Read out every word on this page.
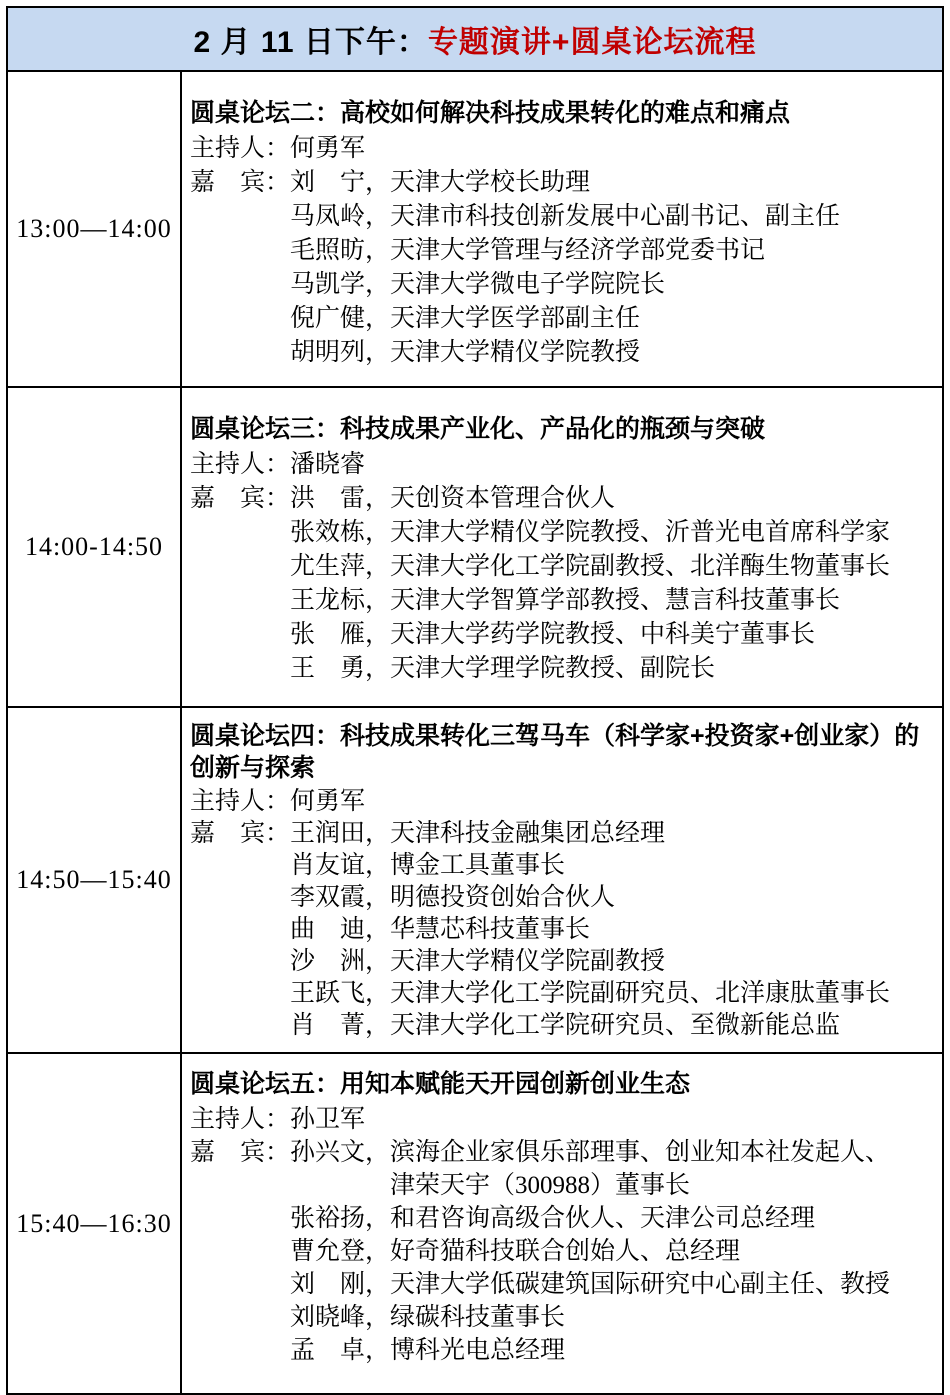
2 月 11 日下午： 专题演讲+圆桌论坛流程
13:00—14:00
圆桌论坛二：高校如何解决科技成果转化的难点和痛点
主持人：何勇军
嘉　宾： 刘　宁，天津大学校长助理
马凤岭，天津市科技创新发展中心副书记、副主任
毛照昉，天津大学管理与经济学部党委书记
马凯学，天津大学微电子学院院长
倪广健，天津大学医学部副主任
胡明列，天津大学精仪学院教授
14:00-14:50
圆桌论坛三：科技成果产业化、产品化的瓶颈与突破
主持人：潘晓睿
嘉　宾： 洪　雷，天创资本管理合伙人
张效栋，天津大学精仪学院教授、沂普光电首席科学家
尤生萍，天津大学化工学院副教授、北洋酶生物董事长
王龙标，天津大学智算学部教授、慧言科技董事长
张　雁，天津大学药学院教授、中科美宁董事长
王　勇，天津大学理学院教授、副院长
14:50—15:40
圆桌论坛四：科技成果转化三驾马车（科学家+投资家+创业家）的创新与探索
主持人：何勇军
嘉　宾： 王润田，天津科技金融集团总经理
肖友谊，博金工具董事长
李双霞，明德投资创始合伙人
曲　迪，华慧芯科技董事长
沙　洲，天津大学精仪学院副教授
王跃飞，天津大学化工学院副研究员、北洋康肽董事长
肖　菁，天津大学化工学院研究员、至微新能总监
15:40—16:30
圆桌论坛五：用知本赋能天开园创新创业生态
主持人：孙卫军
嘉　宾： 孙兴文，滨海企业家俱乐部理事、创业知本社发起人、
津荣天宇（300988）董事长
张裕扬，和君咨询高级合伙人、天津公司总经理
曹允登，好奇猫科技联合创始人、总经理
刘　刚，天津大学低碳建筑国际研究中心副主任、教授
刘晓峰，绿碳科技董事长
孟　卓，博科光电总经理
